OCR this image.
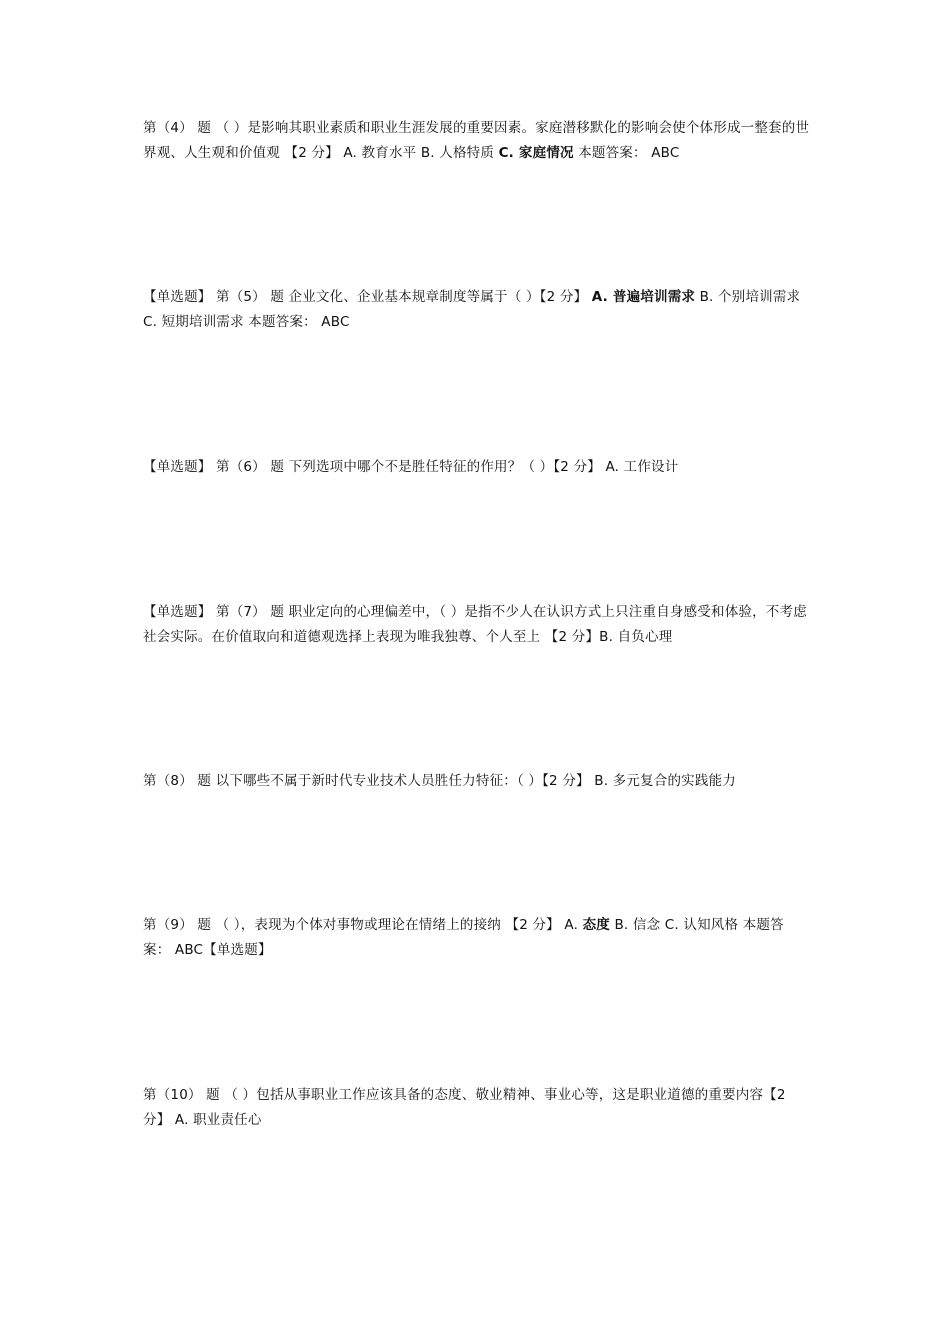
第（4） 题 （ ）是影响其职业素质和职业生涯发展的重要因素。家庭潜移默化的影响会使个体形成一整套的世界观、人生观和价值观 【2 分】 A. 教育水平 B. 人格特质 C. 家庭情况 本题答案： ABC

【单选题】 第（5） 题 企业文化、企业基本规章制度等属于（ ）【2 分】 A. 普遍培训需求 B. 个别培训需求 C. 短期培训需求 本题答案： ABC

【单选题】 第（6） 题 下列选项中哪个不是胜任特征的作用？（ ）【2 分】 A. 工作设计

【单选题】 第（7） 题 职业定向的心理偏差中，（ ）是指不少人在认识方式上只注重自身感受和体验，不考虑社会实际。在价值取向和道德观选择上表现为唯我独尊、个人至上 【2 分】B. 自负心理

第（8） 题 以下哪些不属于新时代专业技术人员胜任力特征：（ ）【2 分】 B. 多元复合的实践能力

第（9） 题 （ ），表现为个体对事物或理论在情绪上的接纳 【2 分】 A. 态度 B. 信念 C. 认知风格 本题答案： ABC【单选题】

第（10） 题 （ ）包括从事职业工作应该具备的态度、敬业精神、事业心等，这是职业道德的重要内容【2 分】 A. 职业责任心
